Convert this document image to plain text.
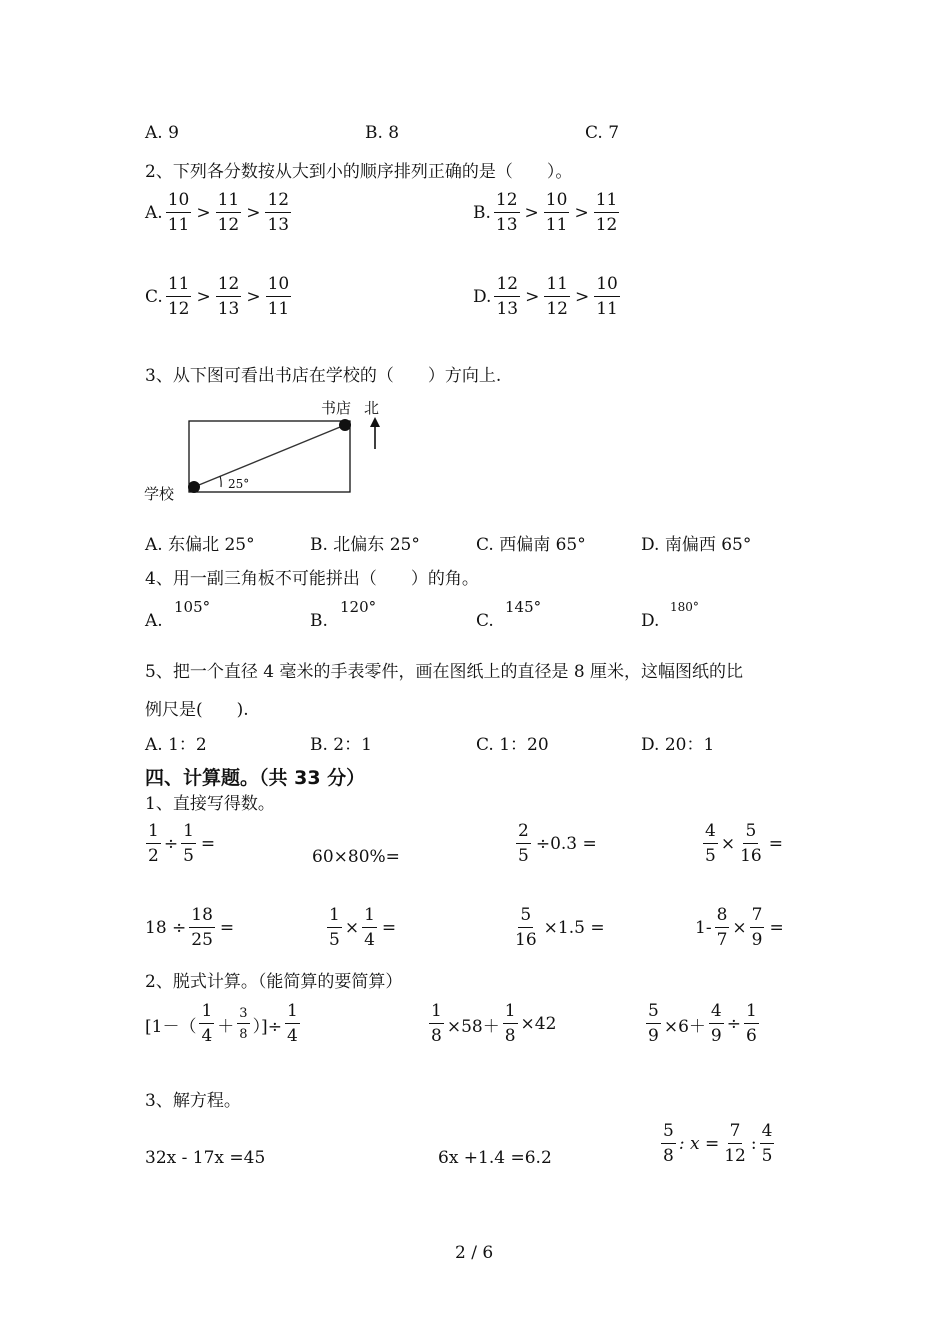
A. 9	B. 8	C. 7
2、下列各分数按从大到小的顺序排列正确的是（　　）。
A. $\frac{10}{11} > \frac{11}{12} > \frac{12}{13}$	B. $\frac{12}{13} > \frac{10}{11} > \frac{11}{12}$
C. $\frac{11}{12} > \frac{12}{13} > \frac{10}{11}$	D. $\frac{12}{13} > \frac{11}{12} > \frac{10}{11}$
3、从下图可看出书店在学校的（　　）方向上.
书店 北
学校
25°
A. 东偏北 25°	B. 北偏东 25°	C. 西偏南 65°	D. 南偏西 65°
4、用一副三角板不可能拼出（　　）的角。
A.
105°
B.
120°
C.
145°
D.
180°
5、把一个直径 4 毫米的手表零件，画在图纸上的直径是 8 厘米，这幅图纸的比
例尺是(　　).
A. 1：2	B. 2：1	C. 1：20	D. 20：1
四、计算题。（共 33 分）
1、直接写得数。
$\frac{1}{2} \div \frac{1}{5}$ =
60×80%=	$\frac{2}{5} \div 0.3$ =	$\frac{4}{5} \times \frac{5}{16}$ =
$18 \div \frac{18}{25}$ =	$\frac{1}{5} \times \frac{1}{4}$ =	$\frac{5}{16} \times 1.5$ =	$1- \frac{8}{7} \times \frac{7}{9}$ =
2、脱式计算。（能简算的要简算）
[$1-( \frac{1}{4} + \frac{3}{8}$ ）]÷ $\frac{1}{4}$	$\frac{1}{8} \times 58+ \frac{1}{8} \times 42$	$\frac{5}{9} \times 6+ \frac{4}{9} \div \frac{1}{6}$
3、解方程。
32x - 17x =45	6x +1.4 =6.2	$\frac{5}{8}$ : $x = \frac{7}{12}$ : $\frac{4}{5}$
2 / 6
